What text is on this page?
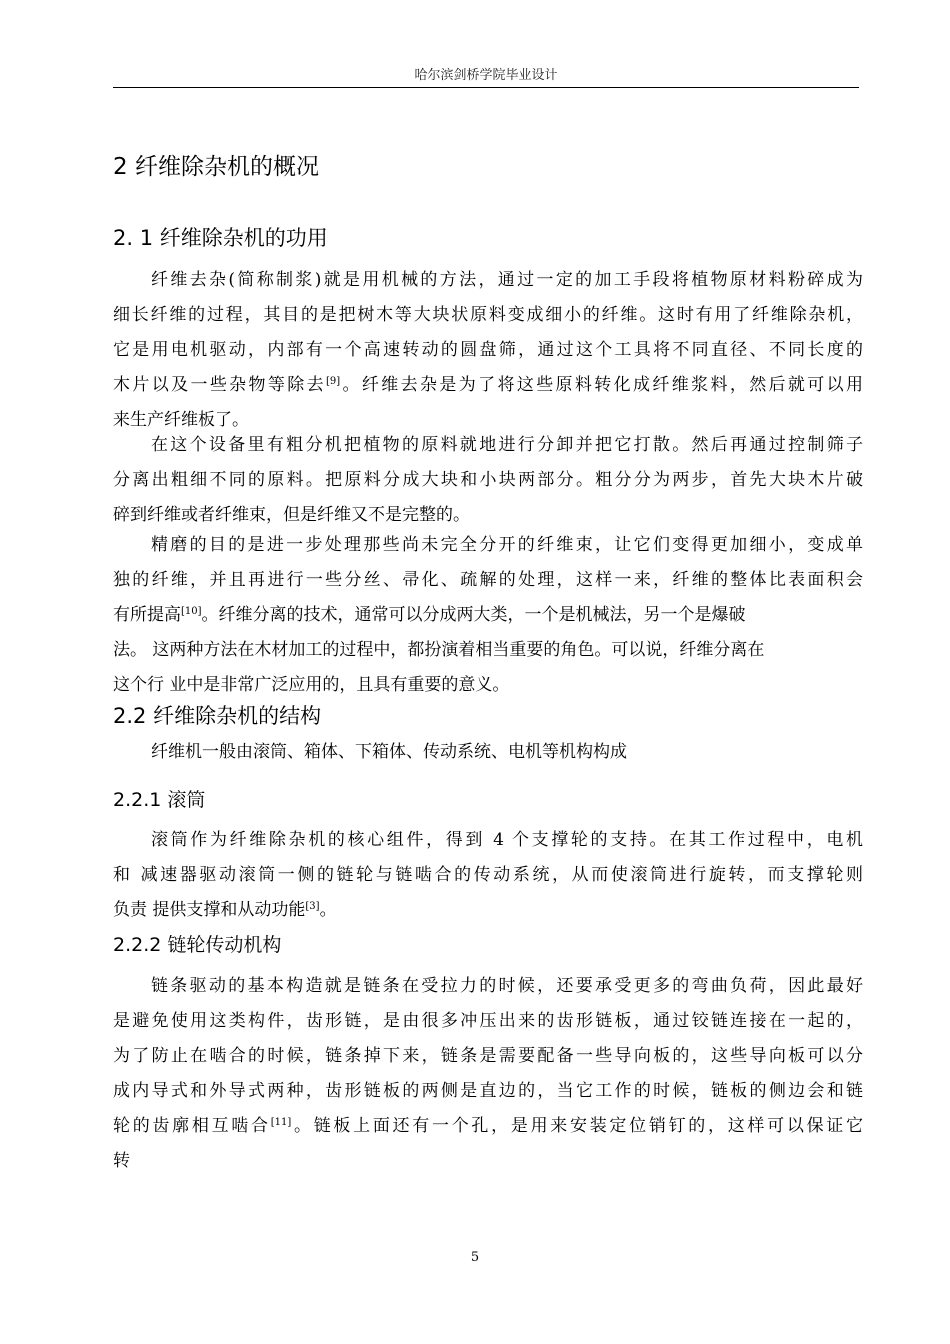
哈尔滨剑桥学院毕业设计
2 纤维除杂机的概况
2. 1 纤维除杂机的功用
纤维去杂(简称制浆)就是用机械的方法，通过一定的加工手段将植物原材料粉碎成为
细长纤维的过程，其目的是把树木等大块状原料变成细小的纤维。这时有用了纤维除杂机，
它是用电机驱动，内部有一个高速转动的圆盘筛，通过这个工具将不同直径、不同长度的
木片以及一些杂物等除去[9]。纤维去杂是为了将这些原料转化成纤维浆料，然后就可以用
来生产纤维板了。
在这个设备里有粗分机把植物的原料就地进行分卸并把它打散。然后再通过控制筛子
分离出粗细不同的原料。把原料分成大块和小块两部分。粗分分为两步，首先大块木片破
碎到纤维或者纤维束，但是纤维又不是完整的。
精磨的目的是进一步处理那些尚未完全分开的纤维束，让它们变得更加细小，变成单
独的纤维，并且再进行一些分丝、帚化、疏解的处理，这样一来，纤维的整体比表面积会
有所提高[10]。纤维分离的技术，通常可以分成两大类，一个是机械法，另一个是爆破
法。 这两种方法在木材加工的过程中，都扮演着相当重要的角色。可以说，纤维分离在
这个行 业中是非常广泛应用的，且具有重要的意义。
2.2 纤维除杂机的结构
纤维机一般由滚筒、箱体、下箱体、传动系统、电机等机构构成
2.2.1 滚筒
滚筒作为纤维除杂机的核心组件，得到 4 个支撑轮的支持。在其工作过程中，电机
和 减速器驱动滚筒一侧的链轮与链啮合的传动系统，从而使滚筒进行旋转，而支撑轮则
负责 提供支撑和从动功能[3]。
2.2.2 链轮传动机构
链条驱动的基本构造就是链条在受拉力的时候，还要承受更多的弯曲负荷，因此最好
是避免使用这类构件，齿形链，是由很多冲压出来的齿形链板，通过铰链连接在一起的，
为了防止在啮合的时候，链条掉下来，链条是需要配备一些导向板的，这些导向板可以分
成内导式和外导式两种，齿形链板的两侧是直边的，当它工作的时候，链板的侧边会和链
轮的齿廓相互啮合[11]。链板上面还有一个孔，是用来安装定位销钉的，这样可以保证它
转
5
